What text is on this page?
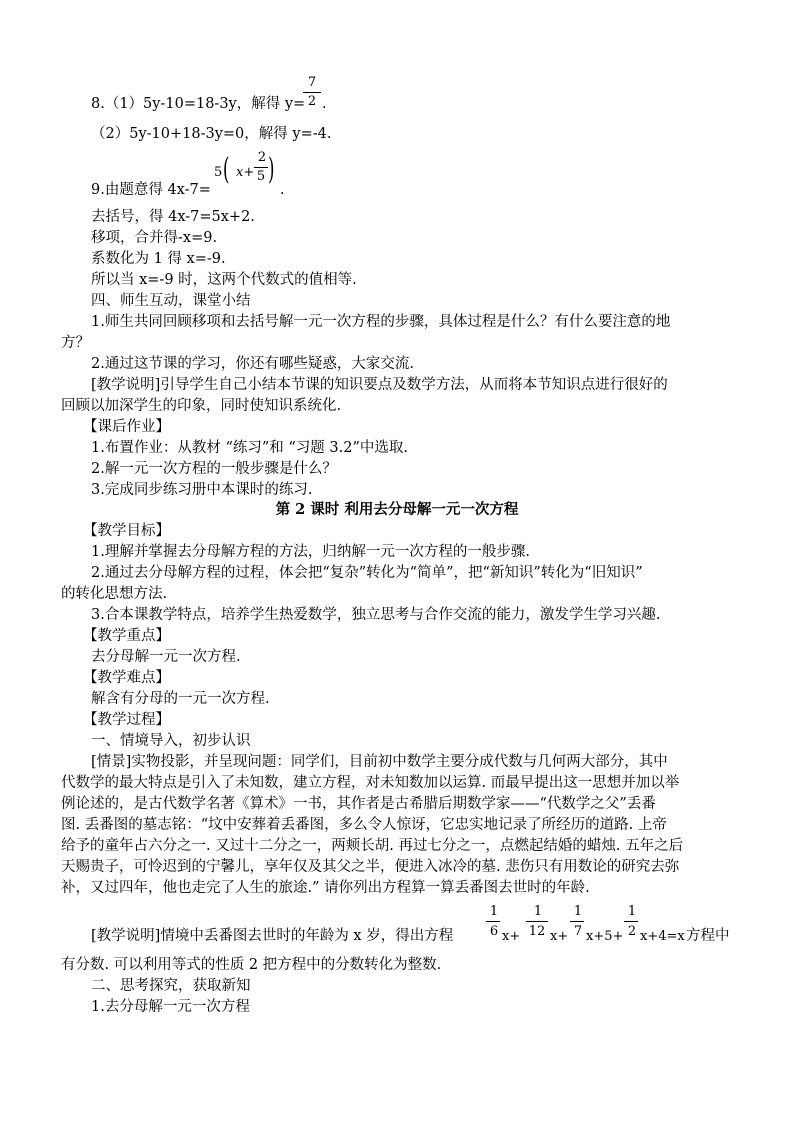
8.（1）5y-10=18-3y，解得 y=
7
2 .
（2）5y-10+18-3y=0，解得 y=-4.
9.由题意得 4x-7=
5 ( x+
2
5 )
.
去括号，得 4x-7=5x+2.
移项，合并得-x=9.
系数化为 1 得 x=-9.
所以当 x=-9 时，这两个代数式的值相等.
四、师生互动，课堂小结
1.师生共同回顾移项和去括号解一元一次方程的步骤，具体过程是什么？有什么要注意的地
方？
2.通过这节课的学习，你还有哪些疑惑，大家交流.
[教学说明]引导学生自己小结本节课的知识要点及数学方法，从而将本节知识点进行很好的
回顾以加深学生的印象，同时使知识系统化.
【课后作业】
1.布置作业：从教材 “练习”和 “习题 3.2”中选取.
2.解一元一次方程的一般步骤是什么？
3.完成同步练习册中本课时的练习.
第 2 课时 利用去分母解一元一次方程
【教学目标】
1.理解并掌握去分母解方程的方法，归纳解一元一次方程的一般步骤.
2.通过去分母解方程的过程，体会把“复杂”转化为“简单”，把“新知识”转化为“旧知识”
的转化思想方法.
3.合本课教学特点，培养学生热爱数学，独立思考与合作交流的能力，激发学生学习兴趣.
【教学重点】
去分母解一元一次方程.
【教学难点】
解含有分母的一元一次方程.
【教学过程】
一、情境导入，初步认识
[情景]实物投影，并呈现问题：同学们，目前初中数学主要分成代数与几何两大部分，其中
代数学的最大特点是引入了未知数，建立方程，对未知数加以运算. 而最早提出这一思想并加以举
例论述的，是古代数学名著《算术》一书，其作者是古希腊后期数学家——“代数学之父”丢番
图. 丢番图的墓志铭：“坟中安葬着丢番图，多么令人惊讶，它忠实地记录了所经历的道路. 上帝
给予的童年占六分之一. 又过十二分之一，两颊长胡. 再过七分之一，点燃起结婚的蜡烛. 五年之后
天赐贵子，可怜迟到的宁馨儿，享年仅及其父之半，便进入冰冷的墓. 悲伤只有用数论的研究去弥
补，又过四年，他也走完了人生的旅途.” 请你列出方程算一算丢番图去世时的年龄.
[教学说明]情境中丢番图去世时的年龄为 x 岁，得出方程
1
6 x+
1
12 x+
1
7 x+5+
1
2 x+4=x 方程中
有分数. 可以利用等式的性质 2 把方程中的分数转化为整数.
二、思考探究，获取新知
1.去分母解一元一次方程
